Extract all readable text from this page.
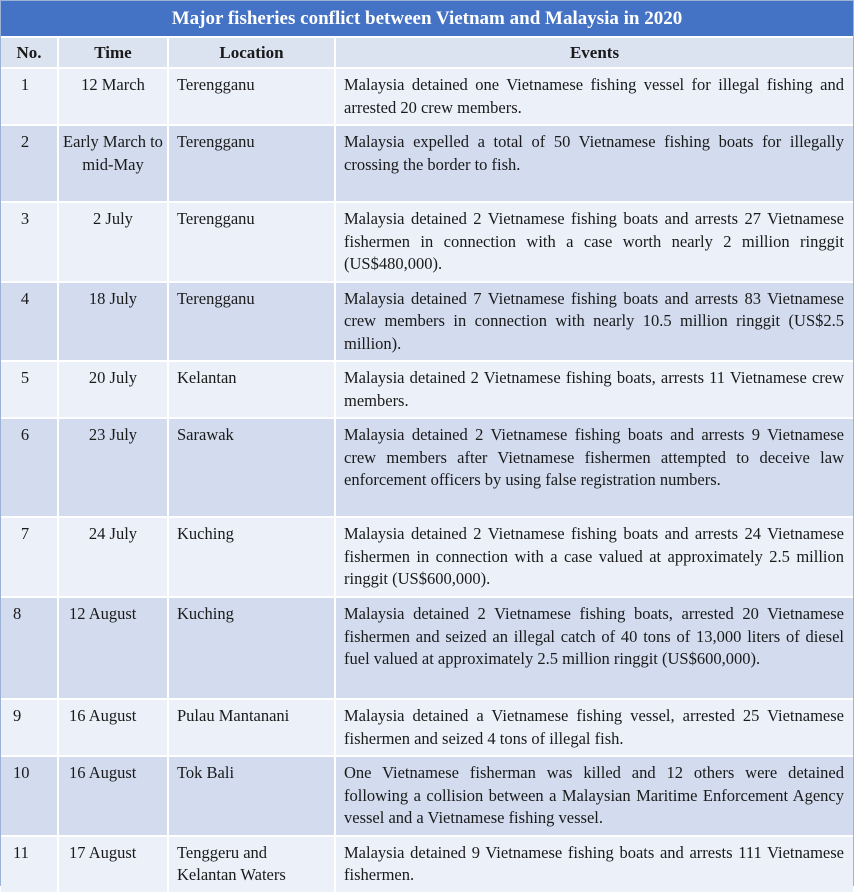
Major fisheries conflict between Vietnam and Malaysia in 2020
No.	Time	Location	Events
1	12 March	Terengganu	Malaysia detained one Vietnamese fishing vessel for illegal fishing and arrested 20 crew members.
2	Early March to mid-May	Terengganu	Malaysia expelled a total of 50 Vietnamese fishing boats for illegally crossing the border to fish.
3	2 July	Terengganu	Malaysia detained 2 Vietnamese fishing boats and arrests 27 Vietnamese fishermen in connection with a case worth nearly 2 million ringgit (US$480,000).
4	18 July	Terengganu	Malaysia detained 7 Vietnamese fishing boats and arrests 83 Vietnamese crew members in connection with nearly 10.5 million ringgit (US$2.5 million).
5	20 July	Kelantan	Malaysia detained 2 Vietnamese fishing boats, arrests 11 Vietnamese crew members.
6	23 July	Sarawak	Malaysia detained 2 Vietnamese fishing boats and arrests 9 Vietnamese crew members after Vietnamese fishermen attempted to deceive law enforcement officers by using false registration numbers.
7	24 July	Kuching	Malaysia detained 2 Vietnamese fishing boats and arrests 24 Vietnamese fishermen in connection with a case valued at approximately 2.5 million ringgit (US$600,000).
8	12 August	Kuching	Malaysia detained 2 Vietnamese fishing boats, arrested 20 Vietnamese fishermen and seized an illegal catch of 40 tons of 13,000 liters of diesel fuel valued at approximately 2.5 million ringgit (US$600,000).
9	16 August	Pulau Mantanani	Malaysia detained a Vietnamese fishing vessel, arrested 25 Vietnamese fishermen and seized 4 tons of illegal fish.
10	16 August	Tok Bali	One Vietnamese fisherman was killed and 12 others were detained following a collision between a Malaysian Maritime Enforcement Agency vessel and a Vietnamese fishing vessel.
11	17 August	Tenggeru and Kelantan Waters	Malaysia detained 9 Vietnamese fishing boats and arrests 111 Vietnamese fishermen.
